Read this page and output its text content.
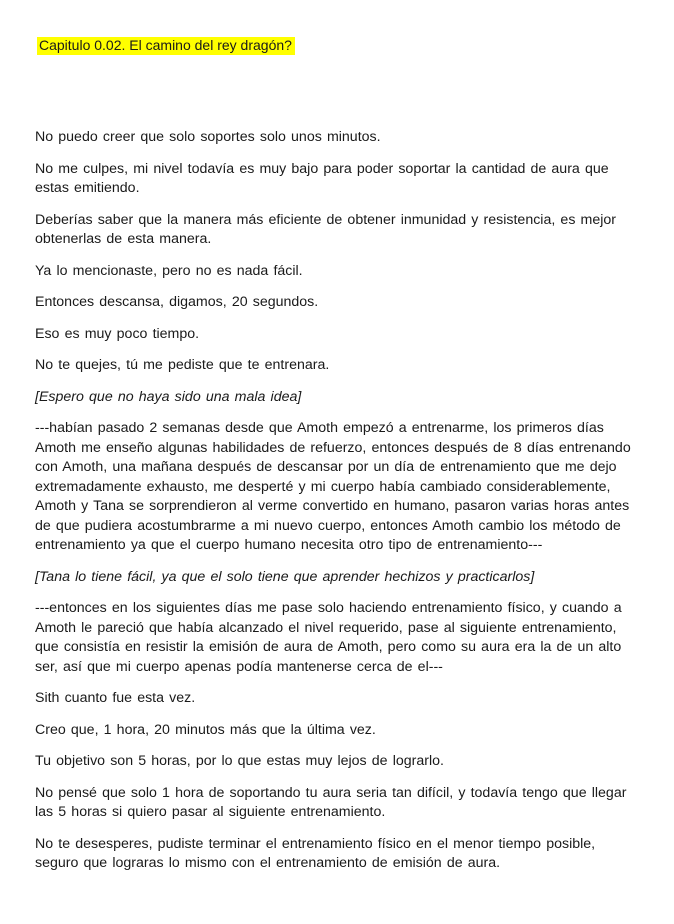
Capitulo 0.02. El camino del rey dragón?

No puedo creer que solo soportes solo unos minutos.

No me culpes, mi nivel todavía es muy bajo para poder soportar la cantidad de aura que estas emitiendo.

Deberías saber que la manera más eficiente de obtener inmunidad y resistencia, es mejor obtenerlas de esta manera.

Ya lo mencionaste, pero no es nada fácil.

Entonces descansa, digamos, 20 segundos.

Eso es muy poco tiempo.

No te quejes, tú me pediste que te entrenara.

[Espero que no haya sido una mala idea]

---habían pasado 2 semanas desde que Amoth empezó a entrenarme, los primeros días Amoth me enseño algunas habilidades de refuerzo, entonces después de 8 días entrenando con Amoth, una mañana después de descansar por un día de entrenamiento que me dejo extremadamente exhausto, me desperté y mi cuerpo había cambiado considerablemente, Amoth y Tana se sorprendieron al verme convertido en humano, pasaron varias horas antes de que pudiera acostumbrarme a mi nuevo cuerpo, entonces Amoth cambio los método de entrenamiento ya que el cuerpo humano necesita otro tipo de entrenamiento---

[Tana lo tiene fácil, ya que el solo tiene que aprender hechizos y practicarlos]

---entonces en los siguientes días me pase solo haciendo entrenamiento físico, y cuando a Amoth le pareció que había alcanzado el nivel requerido, pase al siguiente entrenamiento, que consistía en resistir la emisión de aura de Amoth, pero como su aura era la de un alto ser, así que mi cuerpo apenas podía mantenerse cerca de el---

Sith cuanto fue esta vez.

Creo que, 1 hora, 20 minutos más que la última vez.

Tu objetivo son 5 horas, por lo que estas muy lejos de lograrlo.

No pensé que solo 1 hora de soportando tu aura seria tan difícil, y todavía tengo que llegar las 5 horas si quiero pasar al siguiente entrenamiento.

No te desesperes, pudiste terminar el entrenamiento físico en el menor tiempo posible, seguro que lograras lo mismo con el entrenamiento de emisión de aura.
